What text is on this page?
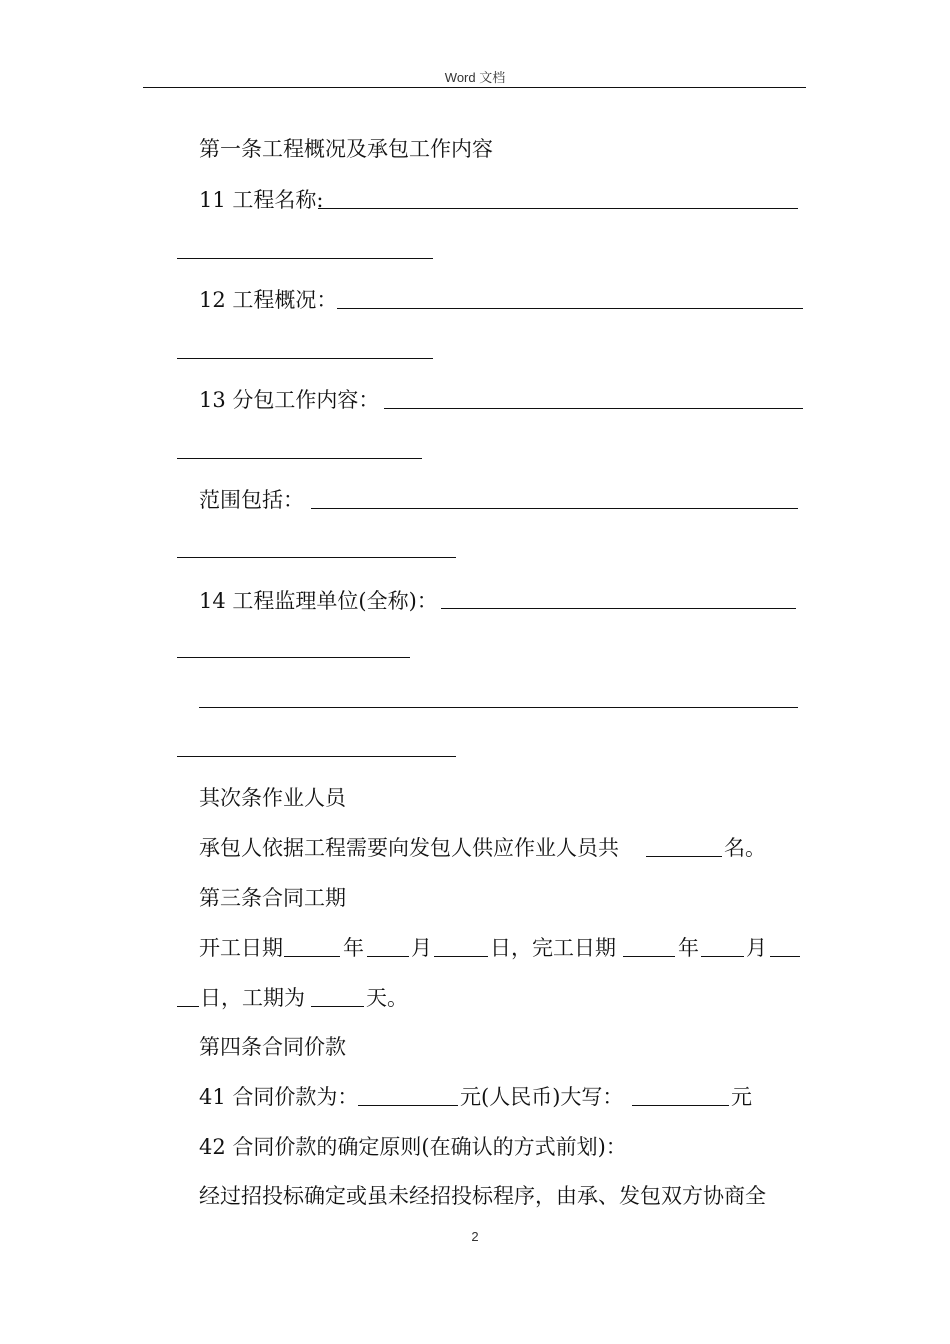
Word 文档
第一条工程概况及承包工作内容
11 工程名称:
12 工程概况：
13 分包工作内容：
范围包括：
14 工程监理单位(全称)：
其次条作业人员
承包人依据工程需要向发包人供应作业人员共	名。
第三条合同工期
开工日期	年 月	日，完工日期	年 月
日，工期为	天。
第四条合同价款
41 合同价款为：	元(人民币)大写：	元
42 合同价款的确定原则(在确认的方式前划)：
经过招投标确定或虽未经招投标程序，由承、发包双方协商全
2
